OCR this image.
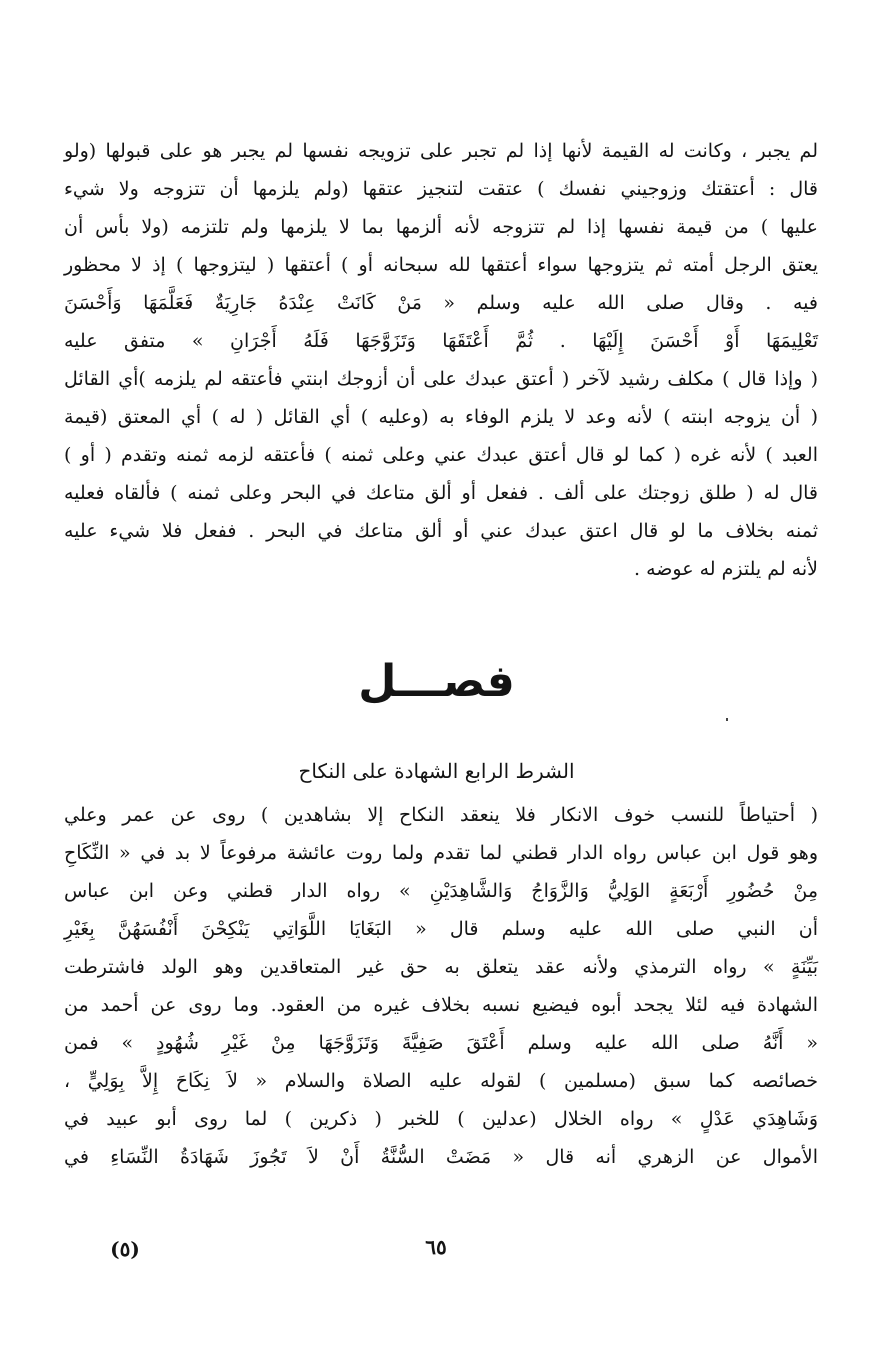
لم يجبر ، وكانت له القيمة لأنها إذا لم تجبر على تزويجه نفسها لم يجبر هو على قبولها (ولو
قال : أعتقتك وزوجيني نفسك ) عتقت لتنجيز عتقها (ولم يلزمها أن تتزوجه ولا شيء
عليها ) من قيمة نفسها إذا لم تتزوجه لأنه ألزمها بما لا يلزمها ولم تلتزمه (ولا بأس أن
يعتق الرجل أمته ثم يتزوجها سواء أعتقها لله سبحانه أو ) أعتقها ( ليتزوجها ) إذ لا محظور
فيه . وقال صلى الله عليه وسلم « مَنْ كَانَتْ عِنْدَهُ جَارِيَةٌ فَعَلَّمَهَا وَأَحْسَنَ
تَعْلِيمَهَا أَوْ أَحْسَنَ إِلَيْهَا . ثُمَّ أَعْتَقَهَا وَتَزَوَّجَهَا فَلَهُ أَجْرَانِ » متفق عليه
( وإذا قال ) مكلف رشيد لآخر ( أعتق عبدك على أن أزوجك ابنتي فأعتقه لم يلزمه )أي القائل
( أن يزوجه ابنته ) لأنه وعد لا يلزم الوفاء به (وعليه ) أي القائل ( له ) أي المعتق (قيمة
العبد ) لأنه غره ( كما لو قال أعتق عبدك عني وعلى ثمنه ) فأعتقه لزمه ثمنه وتقدم ( أو )
قال له ( طلق زوجتك على ألف . ففعل أو ألق متاعك في البحر وعلى ثمنه ) فألقاه فعليه
ثمنه بخلاف ما لو قال اعتق عبدك عني أو ألق متاعك في البحر . ففعل فلا شيء عليه
لأنه لم يلتزم له عوضه .
فصـــل
الشرط الرابع الشهادة على النكاح
( أحتياطاً للنسب خوف الانكار فلا ينعقد النكاح إلا بشاهدين ) روى عن عمر وعلي
وهو قول ابن عباس رواه الدار قطني لما تقدم ولما روت عائشة مرفوعاً لا بد في « النِّكَاحِ
مِنْ حُضُورِ أَرْبَعَةٍ الوَلِيُّ وَالزَّوَاجُ وَالشَّاهِدَيْنِ » رواه الدار قطني وعن ابن عباس
أن النبي صلى الله عليه وسلم قال « البَغَايَا اللَّوَاتِي يَنْكِحْنَ أَنْفُسَهُنَّ بِغَيْرِ
بَيِّنَةٍ » رواه الترمذي ولأنه عقد يتعلق به حق غير المتعاقدين وهو الولد فاشترطت
الشهادة فيه لئلا يجحد أبوه فيضيع نسبه بخلاف غيره من العقود. وما روى عن أحمد من
« أَنَّهُ صلى الله عليه وسلم أَعْتَقَ صَفِيَّةَ وَتَزَوَّجَهَا مِنْ غَيْرِ شُهُودٍ » فمن
خصائصه كما سبق (مسلمين ) لقوله عليه الصلاة والسلام « لاَ نِكَاحَ إِلاَّ بِوَلِيٍّ ،
وَشَاهِدَي عَدْلٍ » رواه الخلال (عدلين ) للخبر ( ذكرين ) لما روى أبو عبيد في
الأموال عن الزهري أنه قال « مَضَتْ السُّنَّةُ أَنْ لاَ تَجُوزَ شَهَادَةُ النِّسَاءِ في
٦٥
(٥)
